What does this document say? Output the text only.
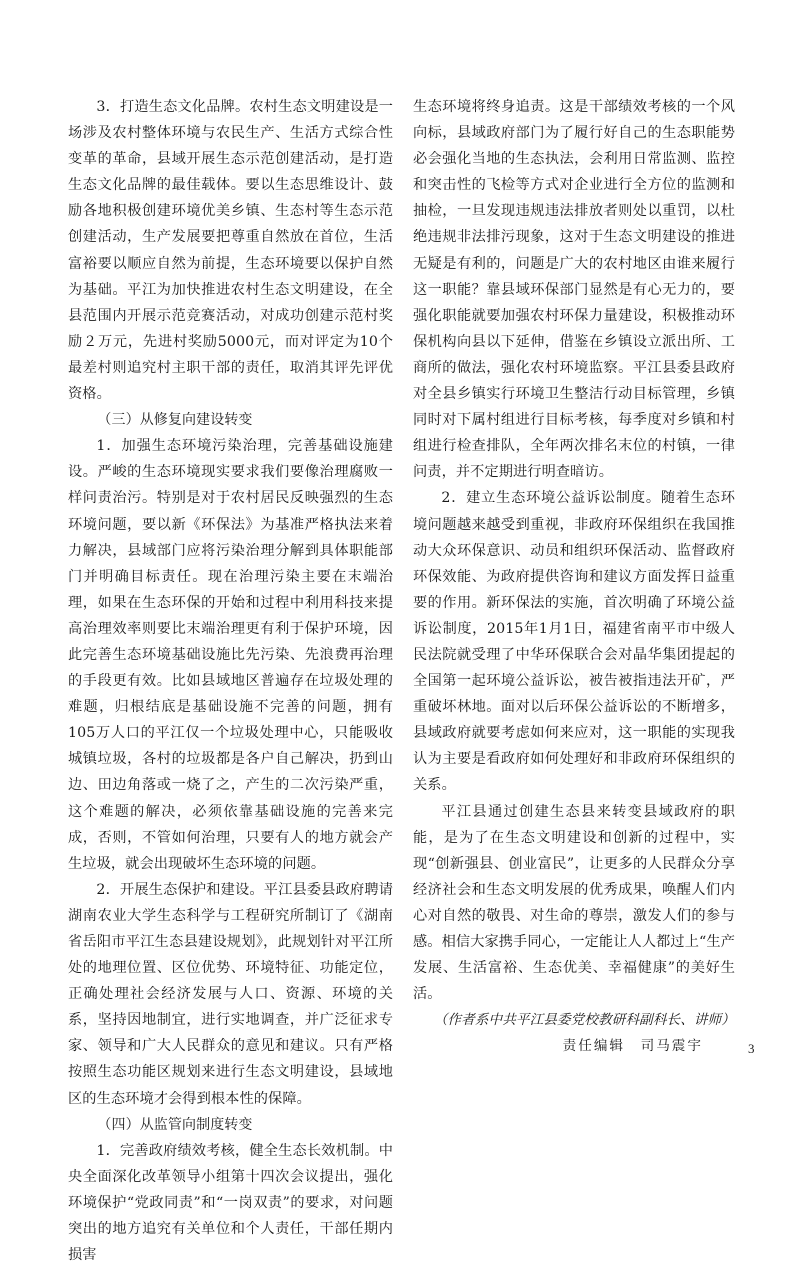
3．打造生态文化品牌。农村生态文明建设是一场涉及农村整体环境与农民生产、生活方式综合性变革的革命，县域开展生态示范创建活动，是打造生态文化品牌的最佳载体。要以生态思维设计、鼓励各地积极创建环境优美乡镇、生态村等生态示范创建活动，生产发展要把尊重自然放在首位，生活富裕要以顺应自然为前提，生态环境要以保护自然为基础。平江为加快推进农村生态文明建设，在全县范围内开展示范竞赛活动，对成功创建示范村奖励２万元，先进村奖励5000元，而对评定为10个最差村则追究村主职干部的责任，取消其评先评优资格。

（三）从修复向建设转变

1．加强生态环境污染治理，完善基础设施建设。严峻的生态环境现实要求我们要像治理腐败一样问责治污。特别是对于农村居民反映强烈的生态环境问题，要以新《环保法》为基准严格执法来着力解决，县域部门应将污染治理分解到具体职能部门并明确目标责任。现在治理污染主要在末端治理，如果在生态环保的开始和过程中利用科技来提高治理效率则要比末端治理更有利于保护环境，因此完善生态环境基础设施比先污染、先浪费再治理的手段更有效。比如县域地区普遍存在垃圾处理的难题，归根结底是基础设施不完善的问题，拥有105万人口的平江仅一个垃圾处理中心，只能吸收城镇垃圾，各村的垃圾都是各户自己解决，扔到山边、田边角落或一烧了之，产生的二次污染严重，这个难题的解决，必须依靠基础设施的完善来完成，否则，不管如何治理，只要有人的地方就会产生垃圾，就会出现破坏生态环境的问题。

2．开展生态保护和建设。平江县委县政府聘请湖南农业大学生态科学与工程研究所制订了《湖南省岳阳市平江生态县建设规划》，此规划针对平江所处的地理位置、区位优势、环境特征、功能定位，正确处理社会经济发展与人口、资源、环境的关系，坚持因地制宜，进行实地调查，并广泛征求专家、领导和广大人民群众的意见和建议。只有严格按照生态功能区规划来进行生态文明建设，县域地区的生态环境才会得到根本性的保障。

（四）从监管向制度转变

1．完善政府绩效考核，健全生态长效机制。中央全面深化改革领导小组第十四次会议提出，强化环境保护“党政同责”和“一岗双责”的要求，对问题突出的地方追究有关单位和个人责任，干部任期内损害

生态环境将终身追责。这是干部绩效考核的一个风向标，县域政府部门为了履行好自己的生态职能势必会强化当地的生态执法，会利用日常监测、监控和突击性的飞检等方式对企业进行全方位的监测和抽检，一旦发现违规违法排放者则处以重罚，以杜绝违规非法排污现象，这对于生态文明建设的推进无疑是有利的，问题是广大的农村地区由谁来履行这一职能？靠县域环保部门显然是有心无力的，要强化职能就要加强农村环保力量建设，积极推动环保机构向县以下延伸，借鉴在乡镇设立派出所、工商所的做法，强化农村环境监察。平江县委县政府对全县乡镇实行环境卫生整洁行动目标管理，乡镇同时对下属村组进行目标考核，每季度对乡镇和村组进行检查排队，全年两次排名末位的村镇，一律问责，并不定期进行明查暗访。

2．建立生态环境公益诉讼制度。随着生态环境问题越来越受到重视，非政府环保组织在我国推动大众环保意识、动员和组织环保活动、监督政府环保效能、为政府提供咨询和建议方面发挥日益重要的作用。新环保法的实施，首次明确了环境公益诉讼制度，2015年1月1日，福建省南平市中级人民法院就受理了中华环保联合会对晶华集团提起的全国第一起环境公益诉讼，被告被指违法开矿，严重破坏林地。面对以后环保公益诉讼的不断增多，县域政府就要考虑如何来应对，这一职能的实现我认为主要是看政府如何处理好和非政府环保组织的关系。

平江县通过创建生态县来转变县域政府的职能，是为了在生态文明建设和创新的过程中，实现“创新强县、创业富民”，让更多的人民群众分享经济社会和生态文明发展的优秀成果，唤醒人们内心对自然的敬畏、对生命的尊崇，激发人们的参与感。相信大家携手同心，一定能让人人都过上“生产发展、生活富裕、生态优美、幸福健康”的美好生活。

（作者系中共平江县委党校教研科副科长、讲师）

责任编辑　司马震宇	3
